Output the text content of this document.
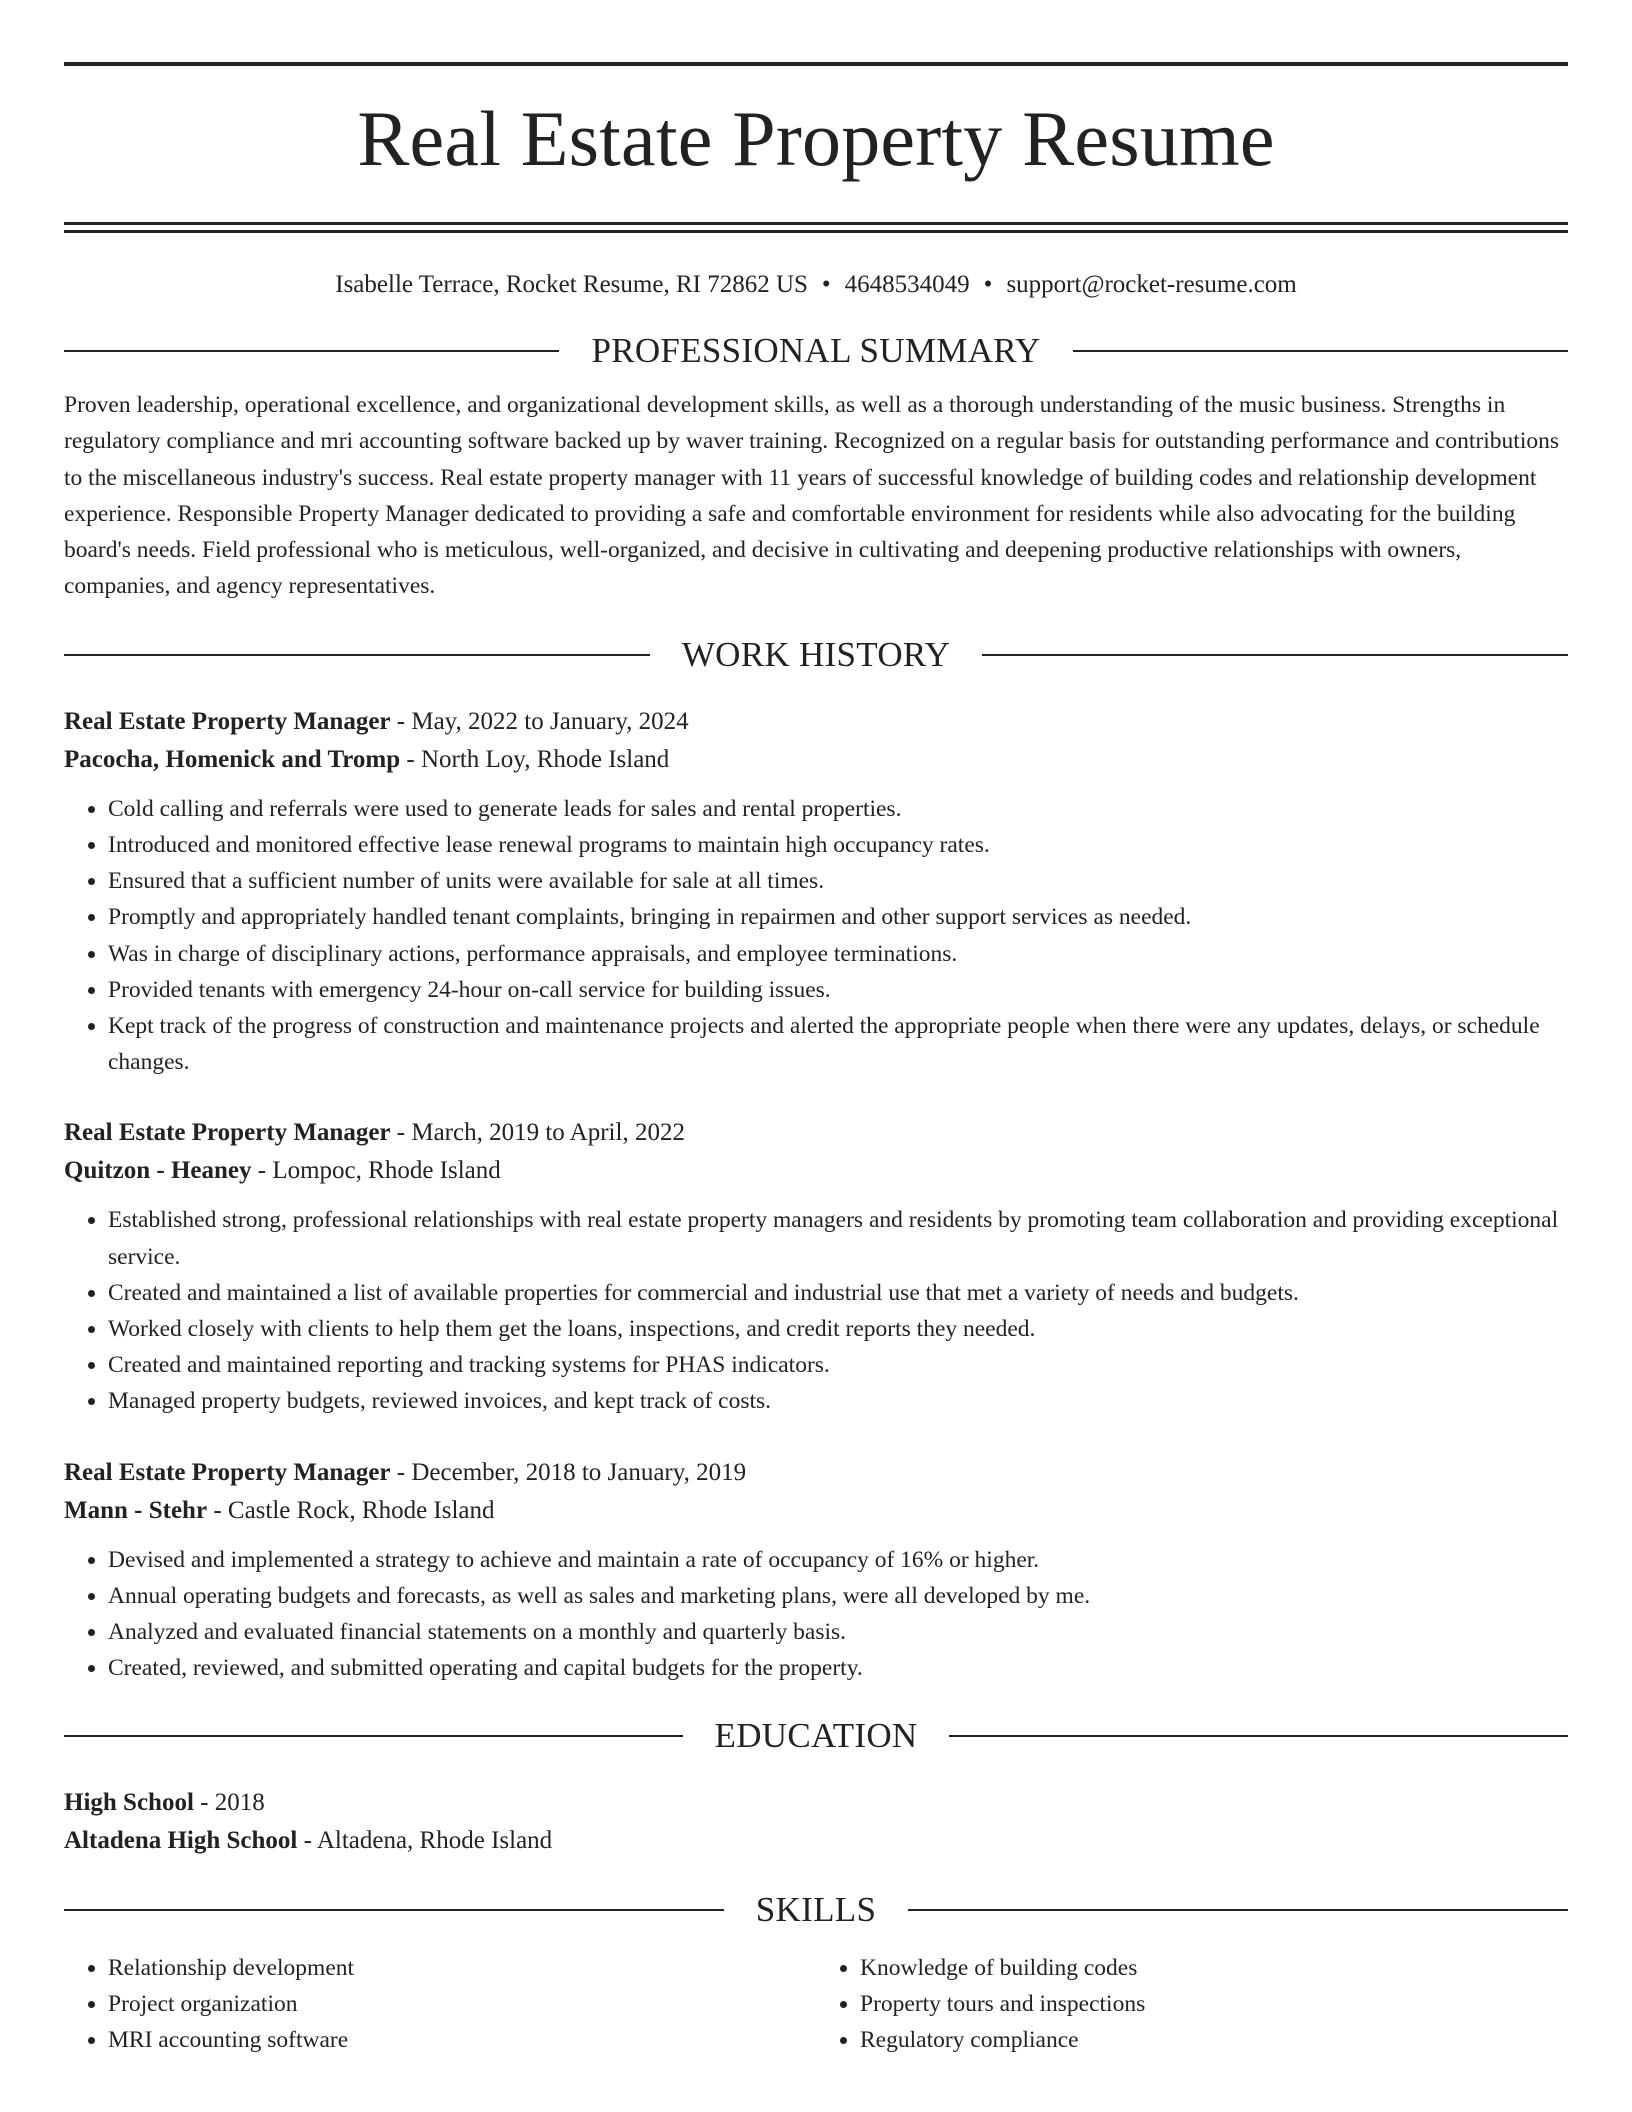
Real Estate Property Resume
Isabelle Terrace, Rocket Resume, RI 72862 US • 4648534049 • support@rocket-resume.com
PROFESSIONAL SUMMARY

Proven leadership, operational excellence, and organizational development skills, as well as a thorough understanding of the music business. Strengths in regulatory compliance and mri accounting software backed up by waver training. Recognized on a regular basis for outstanding performance and contributions to the miscellaneous industry's success. Real estate property manager with 11 years of successful knowledge of building codes and relationship development experience. Responsible Property Manager dedicated to providing a safe and comfortable environment for residents while also advocating for the building board's needs. Field professional who is meticulous, well-organized, and decisive in cultivating and deepening productive relationships with owners, companies, and agency representatives.

WORK HISTORY
Real Estate Property Manager - May, 2022 to January, 2024
Pacocha, Homenick and Tromp - North Loy, Rhode Island
• Cold calling and referrals were used to generate leads for sales and rental properties.
• Introduced and monitored effective lease renewal programs to maintain high occupancy rates.
• Ensured that a sufficient number of units were available for sale at all times.
• Promptly and appropriately handled tenant complaints, bringing in repairmen and other support services as needed.
• Was in charge of disciplinary actions, performance appraisals, and employee terminations.
• Provided tenants with emergency 24-hour on-call service for building issues.
• Kept track of the progress of construction and maintenance projects and alerted the appropriate people when there were any updates, delays, or schedule changes.
Real Estate Property Manager - March, 2019 to April, 2022
Quitzon - Heaney - Lompoc, Rhode Island
• Established strong, professional relationships with real estate property managers and residents by promoting team collaboration and providing exceptional service.
• Created and maintained a list of available properties for commercial and industrial use that met a variety of needs and budgets.
• Worked closely with clients to help them get the loans, inspections, and credit reports they needed.
• Created and maintained reporting and tracking systems for PHAS indicators.
• Managed property budgets, reviewed invoices, and kept track of costs.
Real Estate Property Manager - December, 2018 to January, 2019
Mann - Stehr - Castle Rock, Rhode Island
• Devised and implemented a strategy to achieve and maintain a rate of occupancy of 16% or higher.
• Annual operating budgets and forecasts, as well as sales and marketing plans, were all developed by me.
• Analyzed and evaluated financial statements on a monthly and quarterly basis.
• Created, reviewed, and submitted operating and capital budgets for the property.
EDUCATION
High School - 2018
Altadena High School - Altadena, Rhode Island
SKILLS
• Relationship development
• Project organization
• MRI accounting software
• Knowledge of building codes
• Property tours and inspections
• Regulatory compliance
